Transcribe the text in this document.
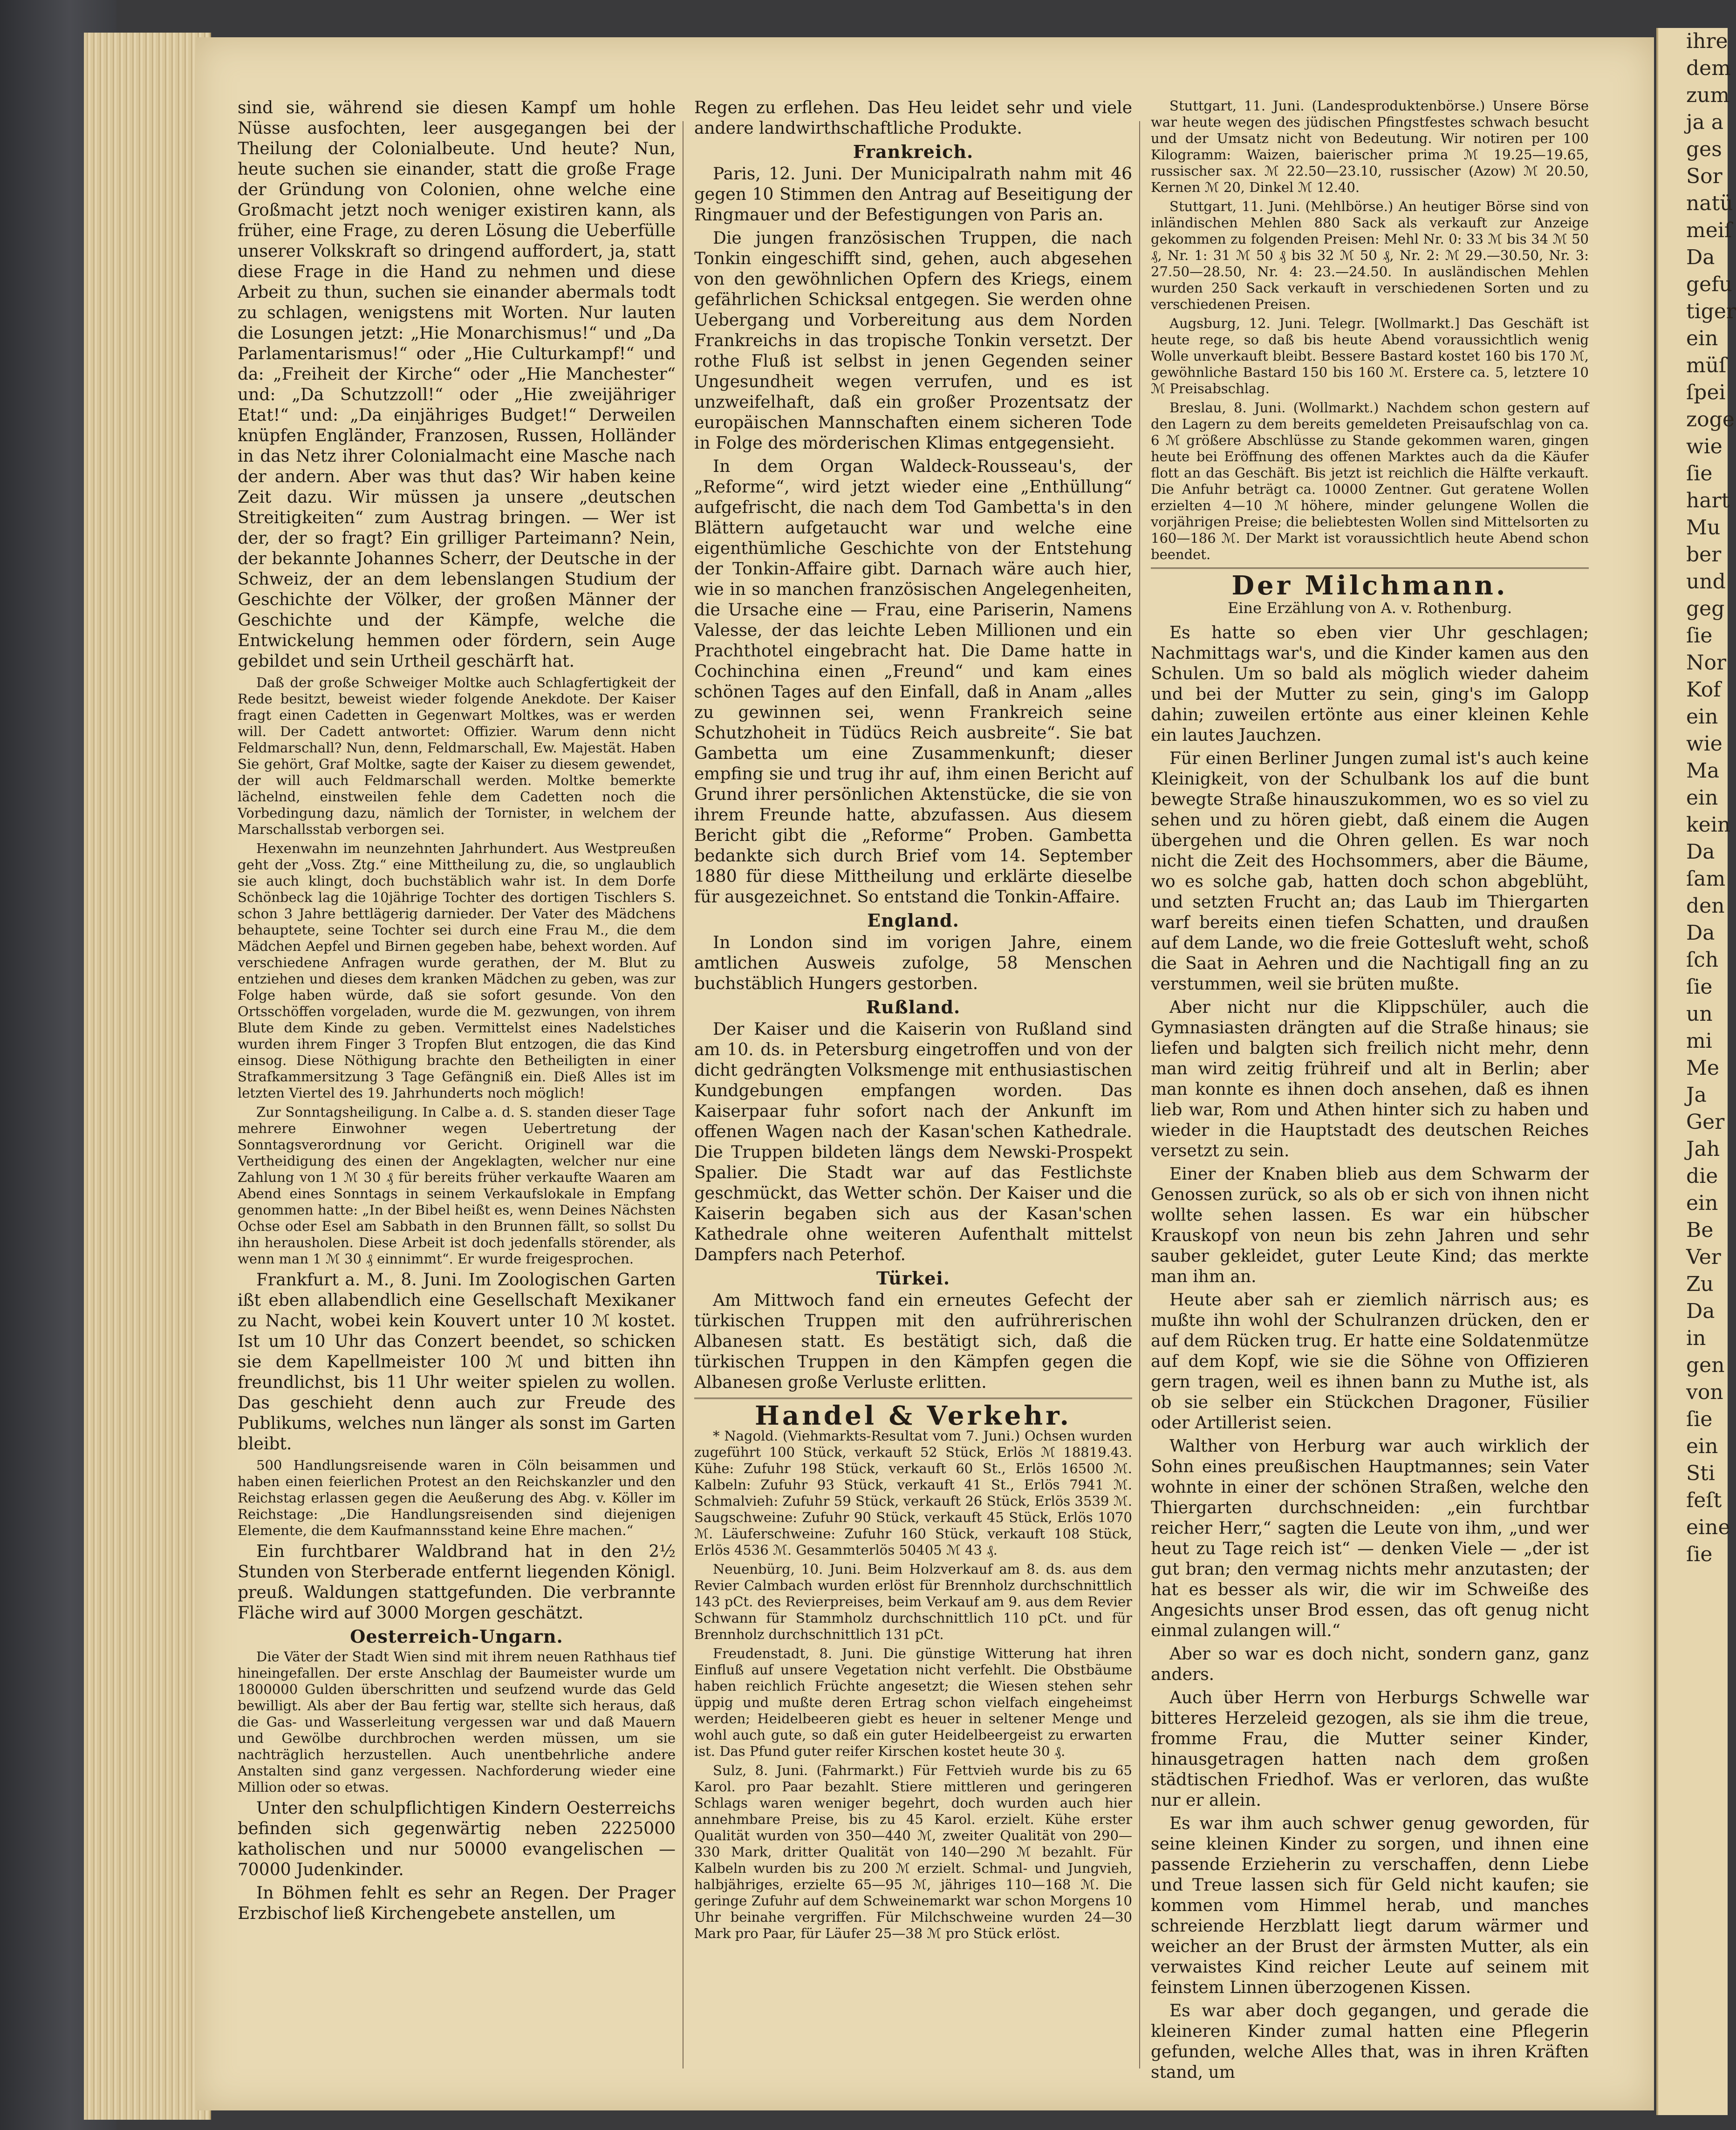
ihre
dem
zum
ja a
ges
Sor
natü
meiſ
Da
gefu
tiger
ein
müſ
ſpei
zoge
wie
ſie
hart
Mu
ber
und
geg
ſie
Nor
Kof
ein
wie
Ma
ein
kein
Da
ſam
den
Da
ſch
ſie
un
mi
Me
Ja
Ger
Jah
die
ein
Be
Ver
Zu
Da
in
gen
von
ſie
ein
Sti
feſt
eine
ſie

sind sie, während sie diesen Kampf um hohle Nüsse ausfochten, leer ausgegangen bei der Theilung der Colonialbeute. Und heute? Nun, heute suchen sie einander, statt die große Frage der Gründung von Colonien, ohne welche eine Großmacht jetzt noch weniger existiren kann, als früher, eine Frage, zu deren Lösung die Ueberfülle unserer Volkskraft so dringend auffordert, ja, statt diese Frage in die Hand zu nehmen und diese Arbeit zu thun, suchen sie einander abermals todt zu schlagen, wenigstens mit Worten. Nur lauten die Losungen jetzt: „Hie Monarchismus!“ und „Da Parlamentarismus!“ oder „Hie Culturkampf!“ und da: „Freiheit der Kirche“ oder „Hie Manchester“ und: „Da Schutzzoll!“ oder „Hie zweijähriger Etat!“ und: „Da einjähriges Budget!“ Derweilen knüpfen Engländer, Franzosen, Russen, Holländer in das Netz ihrer Colonialmacht eine Masche nach der andern. Aber was thut das? Wir haben keine Zeit dazu. Wir müssen ja unsere „deutschen Streitigkeiten“ zum Austrag bringen. — Wer ist der, der so fragt? Ein grilliger Parteimann? Nein, der bekannte Johannes Scherr, der Deutsche in der Schweiz, der an dem lebenslangen Studium der Geschichte der Völker, der großen Männer der Geschichte und der Kämpfe, welche die Entwickelung hemmen oder fördern, sein Auge gebildet und sein Urtheil geschärft hat.

Daß der große Schweiger Moltke auch Schlagfertigkeit der Rede besitzt, beweist wieder folgende Anekdote. Der Kaiser fragt einen Cadetten in Gegenwart Moltkes, was er werden will. Der Cadett antwortet: Offizier. Warum denn nicht Feldmarschall? Nun, denn, Feldmarschall, Ew. Majestät. Haben Sie gehört, Graf Moltke, sagte der Kaiser zu diesem gewendet, der will auch Feldmarschall werden. Moltke bemerkte lächelnd, einstweilen fehle dem Cadetten noch die Vorbedingung dazu, nämlich der Tornister, in welchem der Marschallsstab verborgen sei.

Hexenwahn im neunzehnten Jahrhundert. Aus Westpreußen geht der „Voss. Ztg.“ eine Mittheilung zu, die, so unglaublich sie auch klingt, doch buchstäblich wahr ist. In dem Dorfe Schönbeck lag die 10jährige Tochter des dortigen Tischlers S. schon 3 Jahre bettlägerig darnieder. Der Vater des Mädchens behauptete, seine Tochter sei durch eine Frau M., die dem Mädchen Aepfel und Birnen gegeben habe, behext worden. Auf verschiedene Anfragen wurde gerathen, der M. Blut zu entziehen und dieses dem kranken Mädchen zu geben, was zur Folge haben würde, daß sie sofort gesunde. Von den Ortsschöffen vorgeladen, wurde die M. gezwungen, von ihrem Blute dem Kinde zu geben. Vermittelst eines Nadelstiches wurden ihrem Finger 3 Tropfen Blut entzogen, die das Kind einsog. Diese Nöthigung brachte den Betheiligten in einer Strafkammersitzung 3 Tage Gefängniß ein. Dieß Alles ist im letzten Viertel des 19. Jahrhunderts noch möglich!

Zur Sonntagsheiligung. In Calbe a. d. S. standen dieser Tage mehrere Einwohner wegen Uebertretung der Sonntagsverordnung vor Gericht. Originell war die Vertheidigung des einen der Angeklagten, welcher nur eine Zahlung von 1 ℳ 30 ₰ für bereits früher verkaufte Waaren am Abend eines Sonntags in seinem Verkaufslokale in Empfang genommen hatte: „In der Bibel heißt es, wenn Deines Nächsten Ochse oder Esel am Sabbath in den Brunnen fällt, so sollst Du ihn herausholen. Diese Arbeit ist doch jedenfalls störender, als wenn man 1 ℳ 30 ₰ einnimmt“. Er wurde freigesprochen.

Frankfurt a. M., 8. Juni. Im Zoologischen Garten ißt eben allabendlich eine Gesellschaft Mexikaner zu Nacht, wobei kein Kouvert unter 10 ℳ kostet. Ist um 10 Uhr das Conzert beendet, so schicken sie dem Kapellmeister 100 ℳ und bitten ihn freundlichst, bis 11 Uhr weiter spielen zu wollen. Das geschieht denn auch zur Freude des Publikums, welches nun länger als sonst im Garten bleibt.

500 Handlungsreisende waren in Cöln beisammen und haben einen feierlichen Protest an den Reichskanzler und den Reichstag erlassen gegen die Aeußerung des Abg. v. Köller im Reichstage: „Die Handlungsreisenden sind diejenigen Elemente, die dem Kaufmannsstand keine Ehre machen.“

Ein furchtbarer Waldbrand hat in den 2½ Stunden von Sterberade entfernt liegenden Königl. preuß. Waldungen stattgefunden. Die verbrannte Fläche wird auf 3000 Morgen geschätzt.

Oesterreich-Ungarn.

Die Väter der Stadt Wien sind mit ihrem neuen Rathhaus tief hineingefallen. Der erste Anschlag der Baumeister wurde um 1800000 Gulden überschritten und seufzend wurde das Geld bewilligt. Als aber der Bau fertig war, stellte sich heraus, daß die Gas- und Wasserleitung vergessen war und daß Mauern und Gewölbe durchbrochen werden müssen, um sie nachträglich herzustellen. Auch unentbehrliche andere Anstalten sind ganz vergessen. Nachforderung wieder eine Million oder so etwas.

Unter den schulpflichtigen Kindern Oesterreichs befinden sich gegenwärtig neben 2225000 katholischen und nur 50000 evangelischen — 70000 Judenkinder.

In Böhmen fehlt es sehr an Regen. Der Prager Erzbischof ließ Kirchengebete anstellen, um

Regen zu erflehen. Das Heu leidet sehr und viele andere landwirthschaftliche Produkte.

Frankreich.

Paris, 12. Juni. Der Municipalrath nahm mit 46 gegen 10 Stimmen den Antrag auf Beseitigung der Ringmauer und der Befestigungen von Paris an.

Die jungen französischen Truppen, die nach Tonkin eingeschifft sind, gehen, auch abgesehen von den gewöhnlichen Opfern des Kriegs, einem gefährlichen Schicksal entgegen. Sie werden ohne Uebergang und Vorbereitung aus dem Norden Frankreichs in das tropische Tonkin versetzt. Der rothe Fluß ist selbst in jenen Gegenden seiner Ungesundheit wegen verrufen, und es ist unzweifelhaft, daß ein großer Prozentsatz der europäischen Mannschaften einem sicheren Tode in Folge des mörderischen Klimas entgegensieht.

In dem Organ Waldeck-Rousseau's, der „Reforme“, wird jetzt wieder eine „Enthüllung“ aufgefrischt, die nach dem Tod Gambetta's in den Blättern aufgetaucht war und welche eine eigenthümliche Geschichte von der Entstehung der Tonkin-Affaire gibt. Darnach wäre auch hier, wie in so manchen französischen Angelegenheiten, die Ursache eine — Frau, eine Pariserin, Namens Valesse, der das leichte Leben Millionen und ein Prachthotel eingebracht hat. Die Dame hatte in Cochinchina einen „Freund“ und kam eines schönen Tages auf den Einfall, daß in Anam „alles zu gewinnen sei, wenn Frankreich seine Schutzhoheit in Tüdücs Reich ausbreite“. Sie bat Gambetta um eine Zusammenkunft; dieser empfing sie und trug ihr auf, ihm einen Bericht auf Grund ihrer persönlichen Aktenstücke, die sie von ihrem Freunde hatte, abzufassen. Aus diesem Bericht gibt die „Reforme“ Proben. Gambetta bedankte sich durch Brief vom 14. September 1880 für diese Mittheilung und erklärte dieselbe für ausgezeichnet. So entstand die Tonkin-Affaire.

England.

In London sind im vorigen Jahre, einem amtlichen Ausweis zufolge, 58 Menschen buchstäblich Hungers gestorben.

Rußland.

Der Kaiser und die Kaiserin von Rußland sind am 10. ds. in Petersburg eingetroffen und von der dicht gedrängten Volksmenge mit enthusiastischen Kundgebungen empfangen worden. Das Kaiserpaar fuhr sofort nach der Ankunft im offenen Wagen nach der Kasan'schen Kathedrale. Die Truppen bildeten längs dem Newski-Prospekt Spalier. Die Stadt war auf das Festlichste geschmückt, das Wetter schön. Der Kaiser und die Kaiserin begaben sich aus der Kasan'schen Kathedrale ohne weiteren Aufenthalt mittelst Dampfers nach Peterhof.

Türkei.

Am Mittwoch fand ein erneutes Gefecht der türkischen Truppen mit den aufrührerischen Albanesen statt. Es bestätigt sich, daß die türkischen Truppen in den Kämpfen gegen die Albanesen große Verluste erlitten.

Handel & Verkehr.

* Nagold. (Viehmarkts-Resultat vom 7. Juni.) Ochsen wurden zugeführt 100 Stück, verkauft 52 Stück, Erlös ℳ 18819.43. Kühe: Zufuhr 198 Stück, verkauft 60 St., Erlös 16500 ℳ. Kalbeln: Zufuhr 93 Stück, verkauft 41 St., Erlös 7941 ℳ. Schmalvieh: Zufuhr 59 Stück, verkauft 26 Stück, Erlös 3539 ℳ. Saugschweine: Zufuhr 90 Stück, verkauft 45 Stück, Erlös 1070 ℳ. Läuferschweine: Zufuhr 160 Stück, verkauft 108 Stück, Erlös 4536 ℳ. Gesammterlös 50405 ℳ 43 ₰.

Neuenbürg, 10. Juni. Beim Holzverkauf am 8. ds. aus dem Revier Calmbach wurden erlöst für Brennholz durchschnittlich 143 pCt. des Revierpreises, beim Verkauf am 9. aus dem Revier Schwann für Stammholz durchschnittlich 110 pCt. und für Brennholz durchschnittlich 131 pCt.

Freudenstadt, 8. Juni. Die günstige Witterung hat ihren Einfluß auf unsere Vegetation nicht verfehlt. Die Obstbäume haben reichlich Früchte angesetzt; die Wiesen stehen sehr üppig und mußte deren Ertrag schon vielfach eingeheimst werden; Heidelbeeren giebt es heuer in seltener Menge und wohl auch gute, so daß ein guter Heidelbeergeist zu erwarten ist. Das Pfund guter reifer Kirschen kostet heute 30 ₰.

Sulz, 8. Juni. (Fahrmarkt.) Für Fettvieh wurde bis zu 65 Karol. pro Paar bezahlt. Stiere mittleren und geringeren Schlags waren weniger begehrt, doch wurden auch hier annehmbare Preise, bis zu 45 Karol. erzielt. Kühe erster Qualität wurden von 350—440 ℳ, zweiter Qualität von 290—330 Mark, dritter Qualität von 140—290 ℳ bezahlt. Für Kalbeln wurden bis zu 200 ℳ erzielt. Schmal- und Jungvieh, halbjähriges, erzielte 65—95 ℳ, jähriges 110—168 ℳ. Die geringe Zufuhr auf dem Schweinemarkt war schon Morgens 10 Uhr beinahe vergriffen. Für Milchschweine wurden 24—30 Mark pro Paar, für Läufer 25—38 ℳ pro Stück erlöst.

Stuttgart, 11. Juni. (Landesproduktenbörse.) Unsere Börse war heute wegen des jüdischen Pfingstfestes schwach besucht und der Umsatz nicht von Bedeutung. Wir notiren per 100 Kilogramm: Waizen, baierischer prima ℳ 19.25—19.65, russischer sax. ℳ 22.50—23.10, russischer (Azow) ℳ 20.50, Kernen ℳ 20, Dinkel ℳ 12.40.

Stuttgart, 11. Juni. (Mehlbörse.) An heutiger Börse sind von inländischen Mehlen 880 Sack als verkauft zur Anzeige gekommen zu folgenden Preisen: Mehl Nr. 0: 33 ℳ bis 34 ℳ 50 ₰, Nr. 1: 31 ℳ 50 ₰ bis 32 ℳ 50 ₰, Nr. 2: ℳ 29.—30.50, Nr. 3: 27.50—28.50, Nr. 4: 23.—24.50. In ausländischen Mehlen wurden 250 Sack verkauft in verschiedenen Sorten und zu verschiedenen Preisen.

Augsburg, 12. Juni. Telegr. [Wollmarkt.] Das Geschäft ist heute rege, so daß bis heute Abend voraussichtlich wenig Wolle unverkauft bleibt. Bessere Bastard kostet 160 bis 170 ℳ, gewöhnliche Bastard 150 bis 160 ℳ. Erstere ca. 5, letztere 10 ℳ Preisabschlag.

Breslau, 8. Juni. (Wollmarkt.) Nachdem schon gestern auf den Lagern zu dem bereits gemeldeten Preisaufschlag von ca. 6 ℳ größere Abschlüsse zu Stande gekommen waren, gingen heute bei Eröffnung des offenen Marktes auch da die Käufer flott an das Geschäft. Bis jetzt ist reichlich die Hälfte verkauft. Die Anfuhr beträgt ca. 10000 Zentner. Gut geratene Wollen erzielten 4—10 ℳ höhere, minder gelungene Wollen die vorjährigen Preise; die beliebtesten Wollen sind Mittelsorten zu 160—186 ℳ. Der Markt ist voraussichtlich heute Abend schon beendet.

Der Milchmann.
Eine Erzählung von A. v. Rothenburg.

Es hatte so eben vier Uhr geschlagen; Nachmittags war's, und die Kinder kamen aus den Schulen. Um so bald als möglich wieder daheim und bei der Mutter zu sein, ging's im Galopp dahin; zuweilen ertönte aus einer kleinen Kehle ein lautes Jauchzen.

Für einen Berliner Jungen zumal ist's auch keine Kleinigkeit, von der Schulbank los auf die bunt bewegte Straße hinauszukommen, wo es so viel zu sehen und zu hören giebt, daß einem die Augen übergehen und die Ohren gellen. Es war noch nicht die Zeit des Hochsommers, aber die Bäume, wo es solche gab, hatten doch schon abgeblüht, und setzten Frucht an; das Laub im Thiergarten warf bereits einen tiefen Schatten, und draußen auf dem Lande, wo die freie Gottesluft weht, schoß die Saat in Aehren und die Nachtigall fing an zu verstummen, weil sie brüten mußte.

Aber nicht nur die Klippschüler, auch die Gymnasiasten drängten auf die Straße hinaus; sie liefen und balgten sich freilich nicht mehr, denn man wird zeitig frühreif und alt in Berlin; aber man konnte es ihnen doch ansehen, daß es ihnen lieb war, Rom und Athen hinter sich zu haben und wieder in die Hauptstadt des deutschen Reiches versetzt zu sein.

Einer der Knaben blieb aus dem Schwarm der Genossen zurück, so als ob er sich von ihnen nicht wollte sehen lassen. Es war ein hübscher Krauskopf von neun bis zehn Jahren und sehr sauber gekleidet, guter Leute Kind; das merkte man ihm an.

Heute aber sah er ziemlich närrisch aus; es mußte ihn wohl der Schulranzen drücken, den er auf dem Rücken trug. Er hatte eine Soldatenmütze auf dem Kopf, wie sie die Söhne von Offizieren gern tragen, weil es ihnen bann zu Muthe ist, als ob sie selber ein Stückchen Dragoner, Füsilier oder Artillerist seien.

Walther von Herburg war auch wirklich der Sohn eines preußischen Hauptmannes; sein Vater wohnte in einer der schönen Straßen, welche den Thiergarten durchschneiden: „ein furchtbar reicher Herr,“ sagten die Leute von ihm, „und wer heut zu Tage reich ist“ — denken Viele — „der ist gut bran; den vermag nichts mehr anzutasten; der hat es besser als wir, die wir im Schweiße des Angesichts unser Brod essen, das oft genug nicht einmal zulangen will.“

Aber so war es doch nicht, sondern ganz, ganz anders.

Auch über Herrn von Herburgs Schwelle war bitteres Herzeleid gezogen, als sie ihm die treue, fromme Frau, die Mutter seiner Kinder, hinausgetragen hatten nach dem großen städtischen Friedhof. Was er verloren, das wußte nur er allein.

Es war ihm auch schwer genug geworden, für seine kleinen Kinder zu sorgen, und ihnen eine passende Erzieherin zu verschaffen, denn Liebe und Treue lassen sich für Geld nicht kaufen; sie kommen vom Himmel herab, und manches schreiende Herzblatt liegt darum wärmer und weicher an der Brust der ärmsten Mutter, als ein verwaistes Kind reicher Leute auf seinem mit feinstem Linnen überzogenen Kissen.

Es war aber doch gegangen, und gerade die kleineren Kinder zumal hatten eine Pflegerin gefunden, welche Alles that, was in ihren Kräften stand, um
